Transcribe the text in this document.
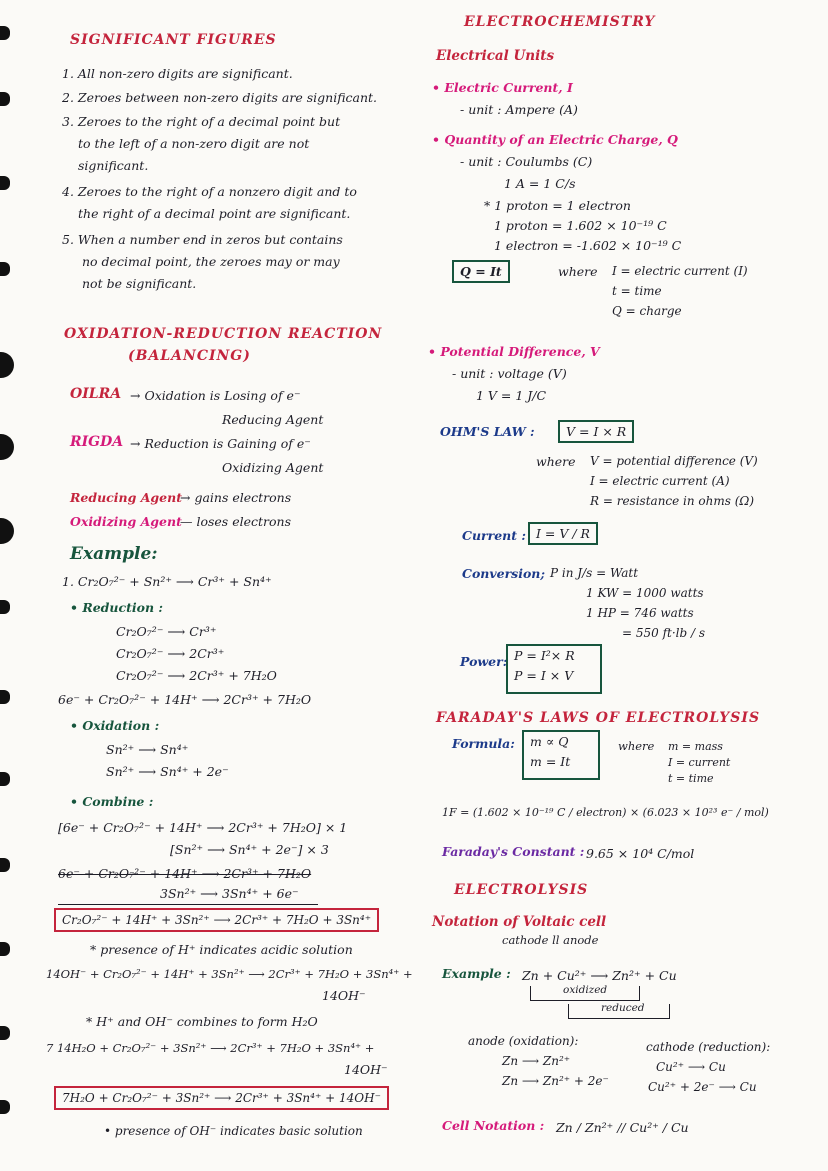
SIGNIFICANT FIGURES
1. All non-zero digits are significant.
2. Zeroes between non-zero digits are significant.
3. Zeroes to the right of a decimal point but
to the left of a non-zero digit are not
significant.
4. Zeroes to the right of a nonzero digit and to
the right of a decimal point are significant.
5. When a number end in zeros but contains
no decimal point, the zeroes may or may
not be significant.
OXIDATION-REDUCTION REACTION
(BALANCING)
OILRA → Oxidation is Losing of e⁻
Reducing Agent
RIGDA → Reduction is Gaining of e⁻
Oxidizing Agent
Reducing Agent
→ gains electrons
Oxidizing Agent
— loses electrons
Example:
1. Cr₂O₇²⁻ + Sn²⁺ ⟶ Cr³⁺ + Sn⁴⁺
• Reduction :
Cr₂O₇²⁻ ⟶ Cr³⁺
Cr₂O₇²⁻ ⟶ 2Cr³⁺
Cr₂O₇²⁻ ⟶ 2Cr³⁺ + 7H₂O
6e⁻ + Cr₂O₇²⁻ + 14H⁺ ⟶ 2Cr³⁺ + 7H₂O
• Oxidation :
Sn²⁺ ⟶ Sn⁴⁺
Sn²⁺ ⟶ Sn⁴⁺ + 2e⁻
• Combine :
[6e⁻ + Cr₂O₇²⁻ + 14H⁺ ⟶ 2Cr³⁺ + 7H₂O] × 1
[Sn²⁺ ⟶ Sn⁴⁺ + 2e⁻] × 3
6e⁻ + Cr₂O₇²⁻ + 14H⁺ ⟶ 2Cr³⁺ + 7H₂O
3Sn²⁺ ⟶ 3Sn⁴⁺ + 6e⁻
Cr₂O₇²⁻ + 14H⁺ + 3Sn²⁺ ⟶ 2Cr³⁺ + 7H₂O + 3Sn⁴⁺
* presence of H⁺ indicates acidic solution
14OH⁻ + Cr₂O₇²⁻ + 14H⁺ + 3Sn²⁺ ⟶ 2Cr³⁺ + 7H₂O + 3Sn⁴⁺ +
14OH⁻
* H⁺ and OH⁻ combines to form H₂O
7 14H₂O + Cr₂O₇²⁻ + 3Sn²⁺ ⟶ 2Cr³⁺ + 7H₂O + 3Sn⁴⁺ +
14OH⁻
7H₂O + Cr₂O₇²⁻ + 3Sn²⁺ ⟶ 2Cr³⁺ + 3Sn⁴⁺ + 14OH⁻
• presence of OH⁻ indicates basic solution
ELECTROCHEMISTRY
Electrical Units
• Electric Current, I
- unit : Ampere (A)
• Quantity of an Electric Charge, Q
- unit : Coulumbs (C)
1 A = 1 C/s
* 1 proton = 1 electron
1 proton = 1.602 × 10⁻¹⁹ C
1 electron = -1.602 × 10⁻¹⁹ C
Q = It	where I = electric current (I)
t = time
Q = charge
• Potential Difference, V
- unit : voltage (V)
1 V = 1 J/C
OHM'S LAW :	V = I × R
where V = potential difference (V)
I = electric current (A)
R = resistance in ohms (Ω)
Current : I = V / R
Conversion; P in J/s = Watt
1 KW = 1000 watts
1 HP = 746 watts
= 550 ft·lb / s
Power: P = I²× R
P = I × V
FARADAY'S LAWS OF ELECTROLYSIS
Formula: m ∝ Q
m = It
where m = mass
I = current
t = time
1F = (1.602 × 10⁻¹⁹ C / electron) × (6.023 × 10²³ e⁻ / mol)
Faraday's Constant : 9.65 × 10⁴ C/mol
ELECTROLYSIS
Notation of Voltaic cell
cathode ll anode
Example : Zn + Cu²⁺ ⟶ Zn²⁺ + Cu
oxidized
reduced
anode (oxidation):
Zn ⟶ Zn²⁺
Zn ⟶ Zn²⁺ + 2e⁻
cathode (reduction):
Cu²⁺ ⟶ Cu
Cu²⁺ + 2e⁻ ⟶ Cu
Cell Notation : Zn / Zn²⁺ // Cu²⁺ / Cu
